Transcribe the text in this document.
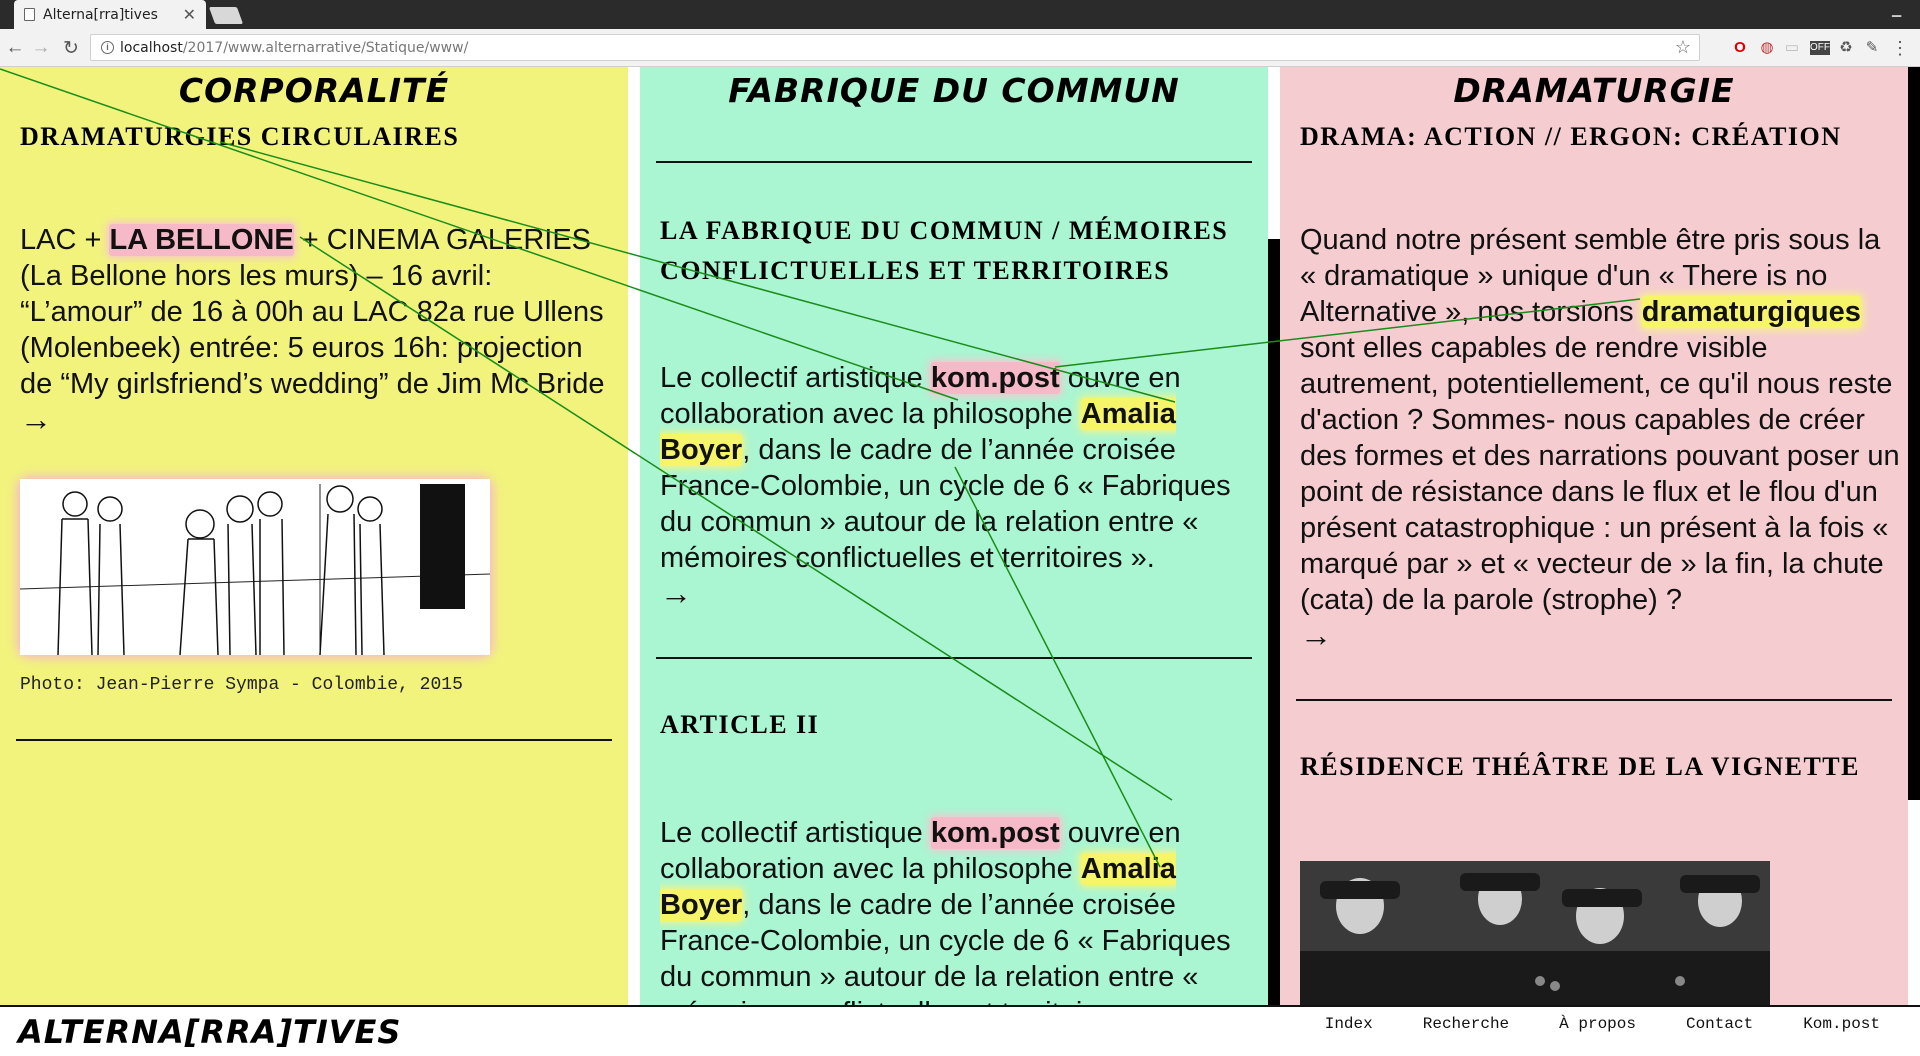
Alterna[rra]tives	✕	▁
← → ↻	i localhost /2017/www.alternarrative/Statique/www/	☆	O ◍ ▭ OFF ♻ ✎ ⋮
CORPORALITÉ
DRAMATURGIES CIRCULAIRES
LAC + LA BELLONE + CINEMA GALERIES (La Bellone hors les murs) – 16 avril: “L’amour” de 16 à 00h au LAC 82a rue Ullens (Molenbeek) entrée: 5 euros 16h: projection de “My girlsfriend’s wedding” de Jim Mc Bride
→
Photo: Jean-Pierre Sympa - Colombie, 2015
FABRIQUE DU COMMUN
LA FABRIQUE DU COMMUN / MÉMOIRES CONFLICTUELLES ET TERRITOIRES
Le collectif artistique kom.post ouvre en collaboration avec la philosophe Amalia Boyer, dans le cadre de l’année croisée France-Colombie, un cycle de 6 « Fabriques du commun » autour de la relation entre « mémoires conflictuelles et territoires ».
→
ARTICLE II
Le collectif artistique kom.post ouvre en collaboration avec la philosophe Amalia Boyer, dans le cadre de l’année croisée France-Colombie, un cycle de 6 « Fabriques du commun » autour de la relation entre «
DRAMATURGIE
DRAMA: ACTION // ERGON: CRÉATION
Quand notre présent semble être pris sous la « dramatique » unique d'un « There is no Alternative », nos torsions dramaturgiques sont elles capables de rendre visible autrement, potentiellement, ce qu'il nous reste d'action ? Sommes- nous capables de créer des formes et des narrations pouvant poser un point de résistance dans le flux et le flou d'un présent catastrophique : un présent à la fois « marqué par » et « vecteur de » la fin, la chute (cata) de la parole (strophe) ?
→
RÉSIDENCE THÉÂTRE DE LA VIGNETTE
ALTERNA[RRA]TIVES	Index	Recherche	À propos	Contact	Kom.post
